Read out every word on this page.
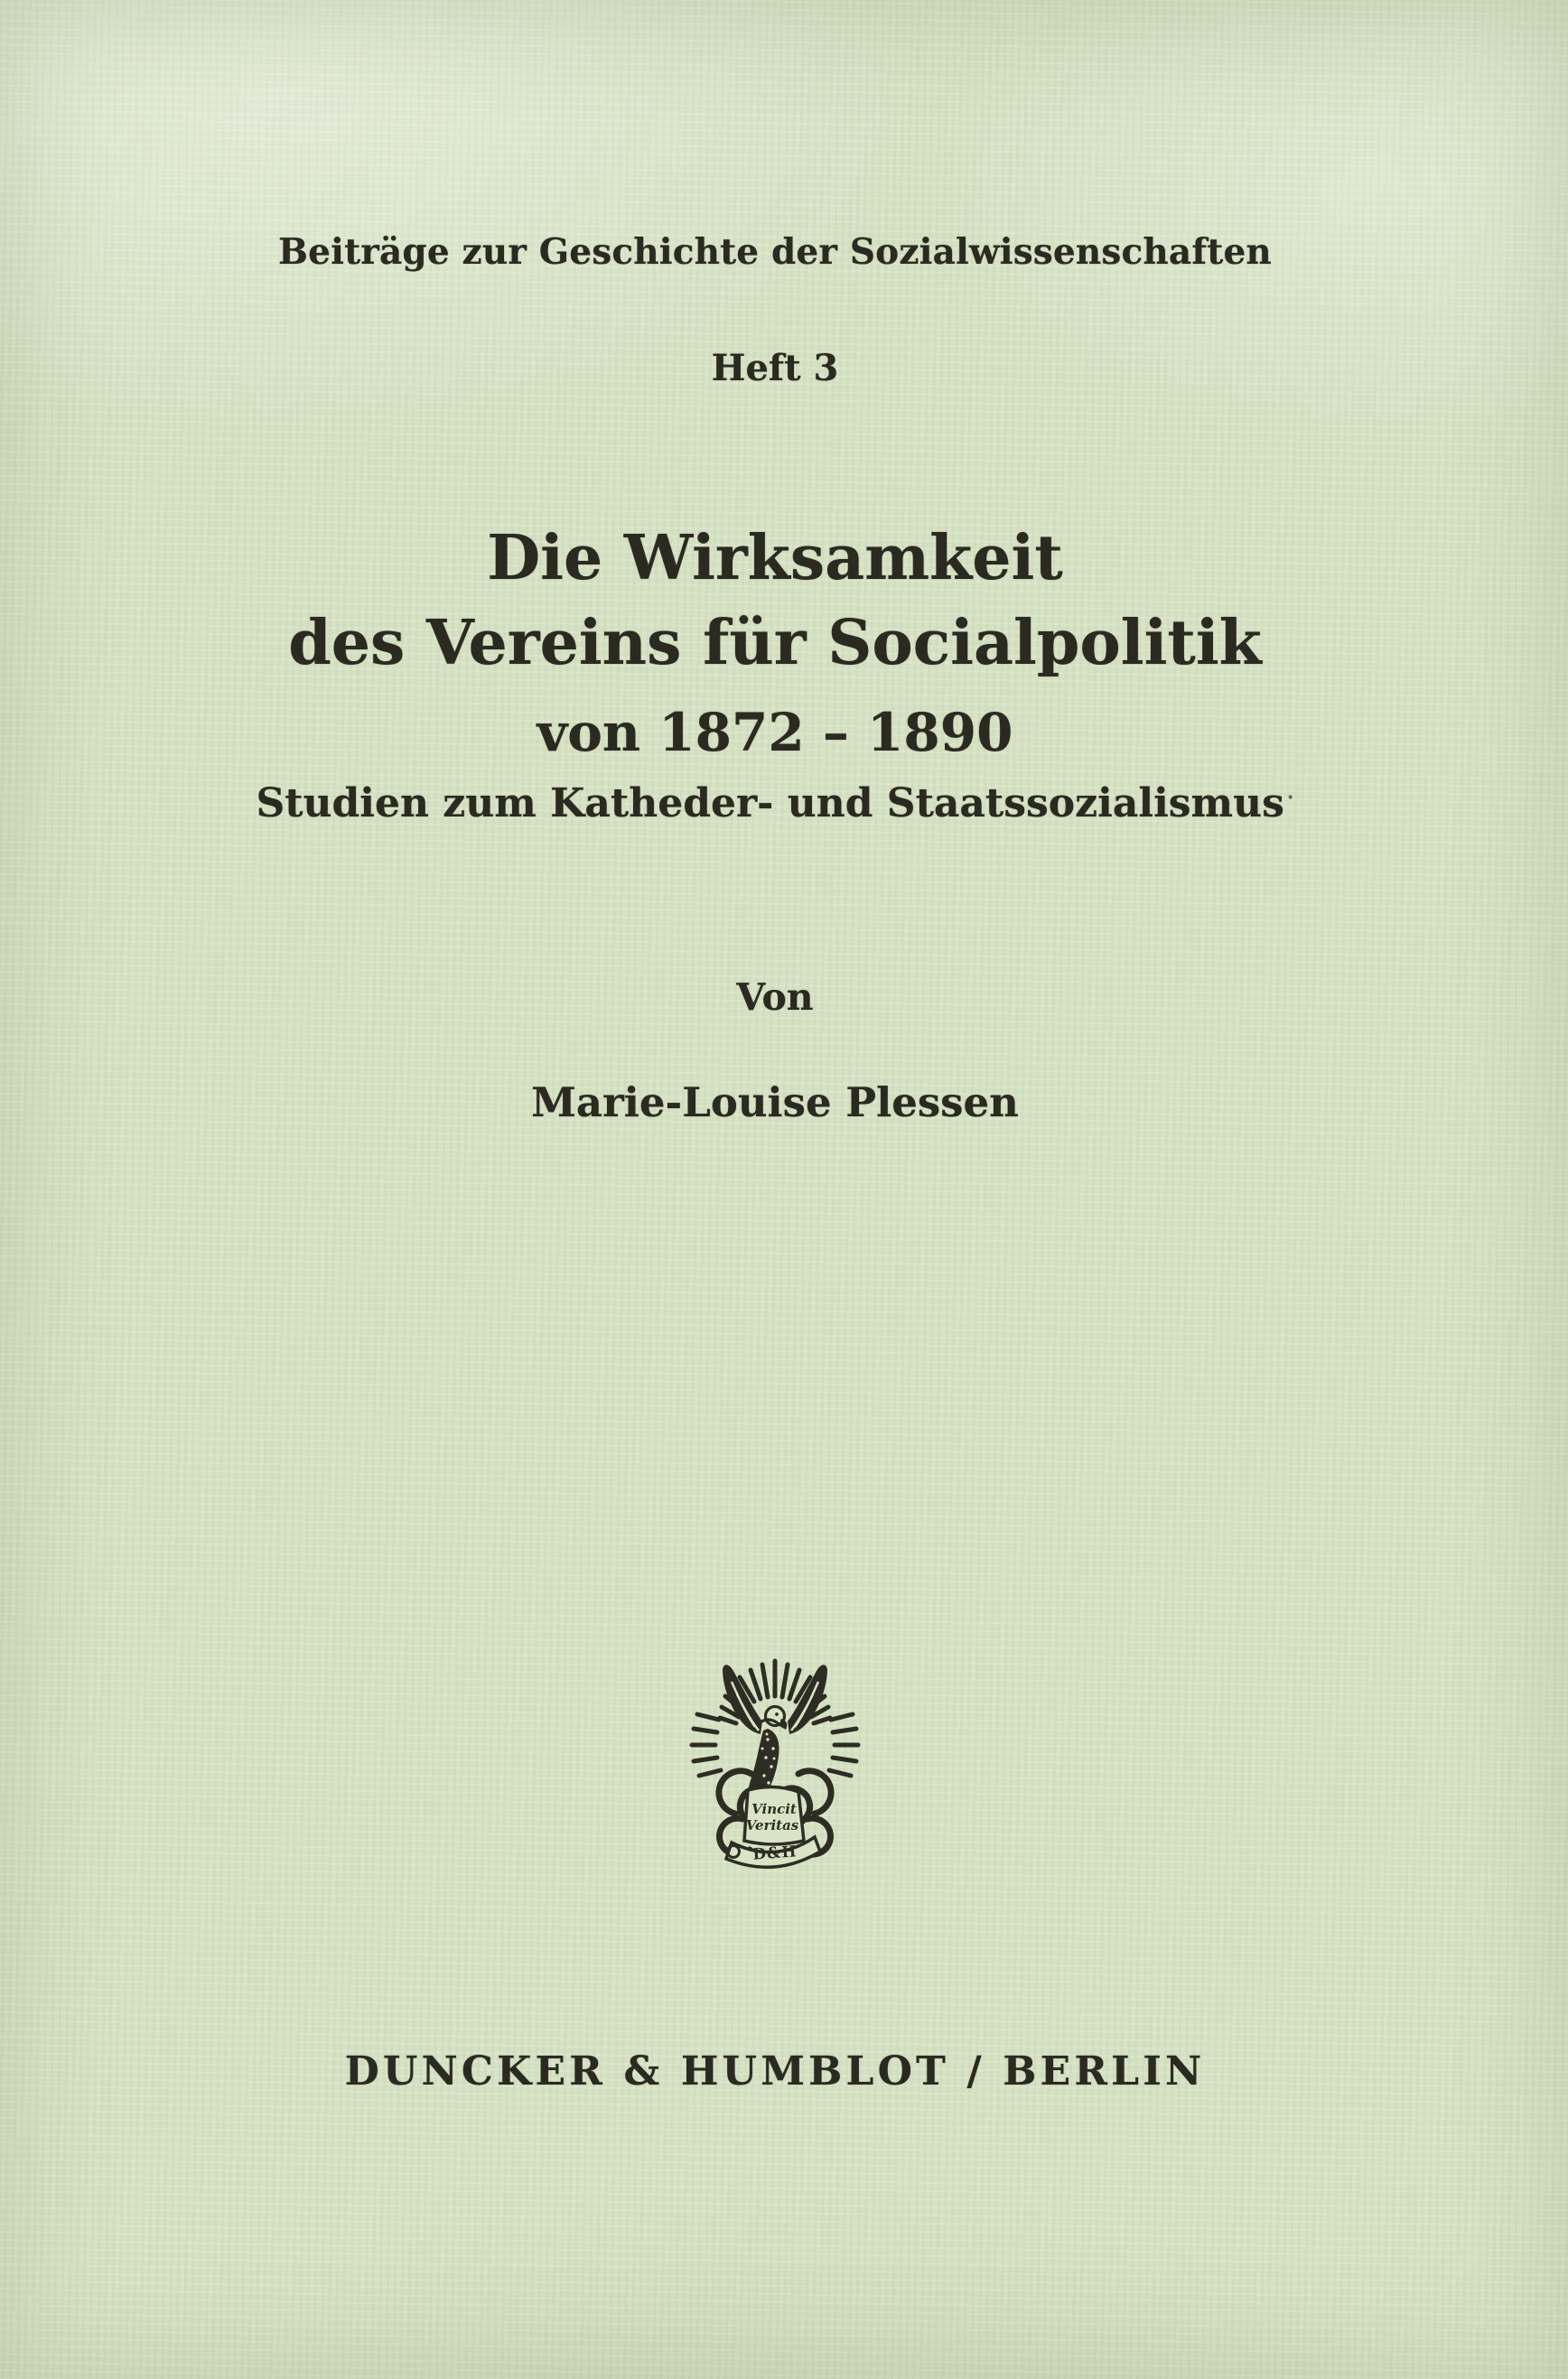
Beiträge zur Geschichte der Sozialwissenschaften
Heft 3
Die Wirksamkeit
des Vereins für Socialpolitik
von 1872 – 1890
Studien zum Katheder- und Staatssozialismus ·
Von
Marie-Louise Plessen
Vincit
Veritas
D&H
DUNCKER & HUMBLOT / BERLIN
